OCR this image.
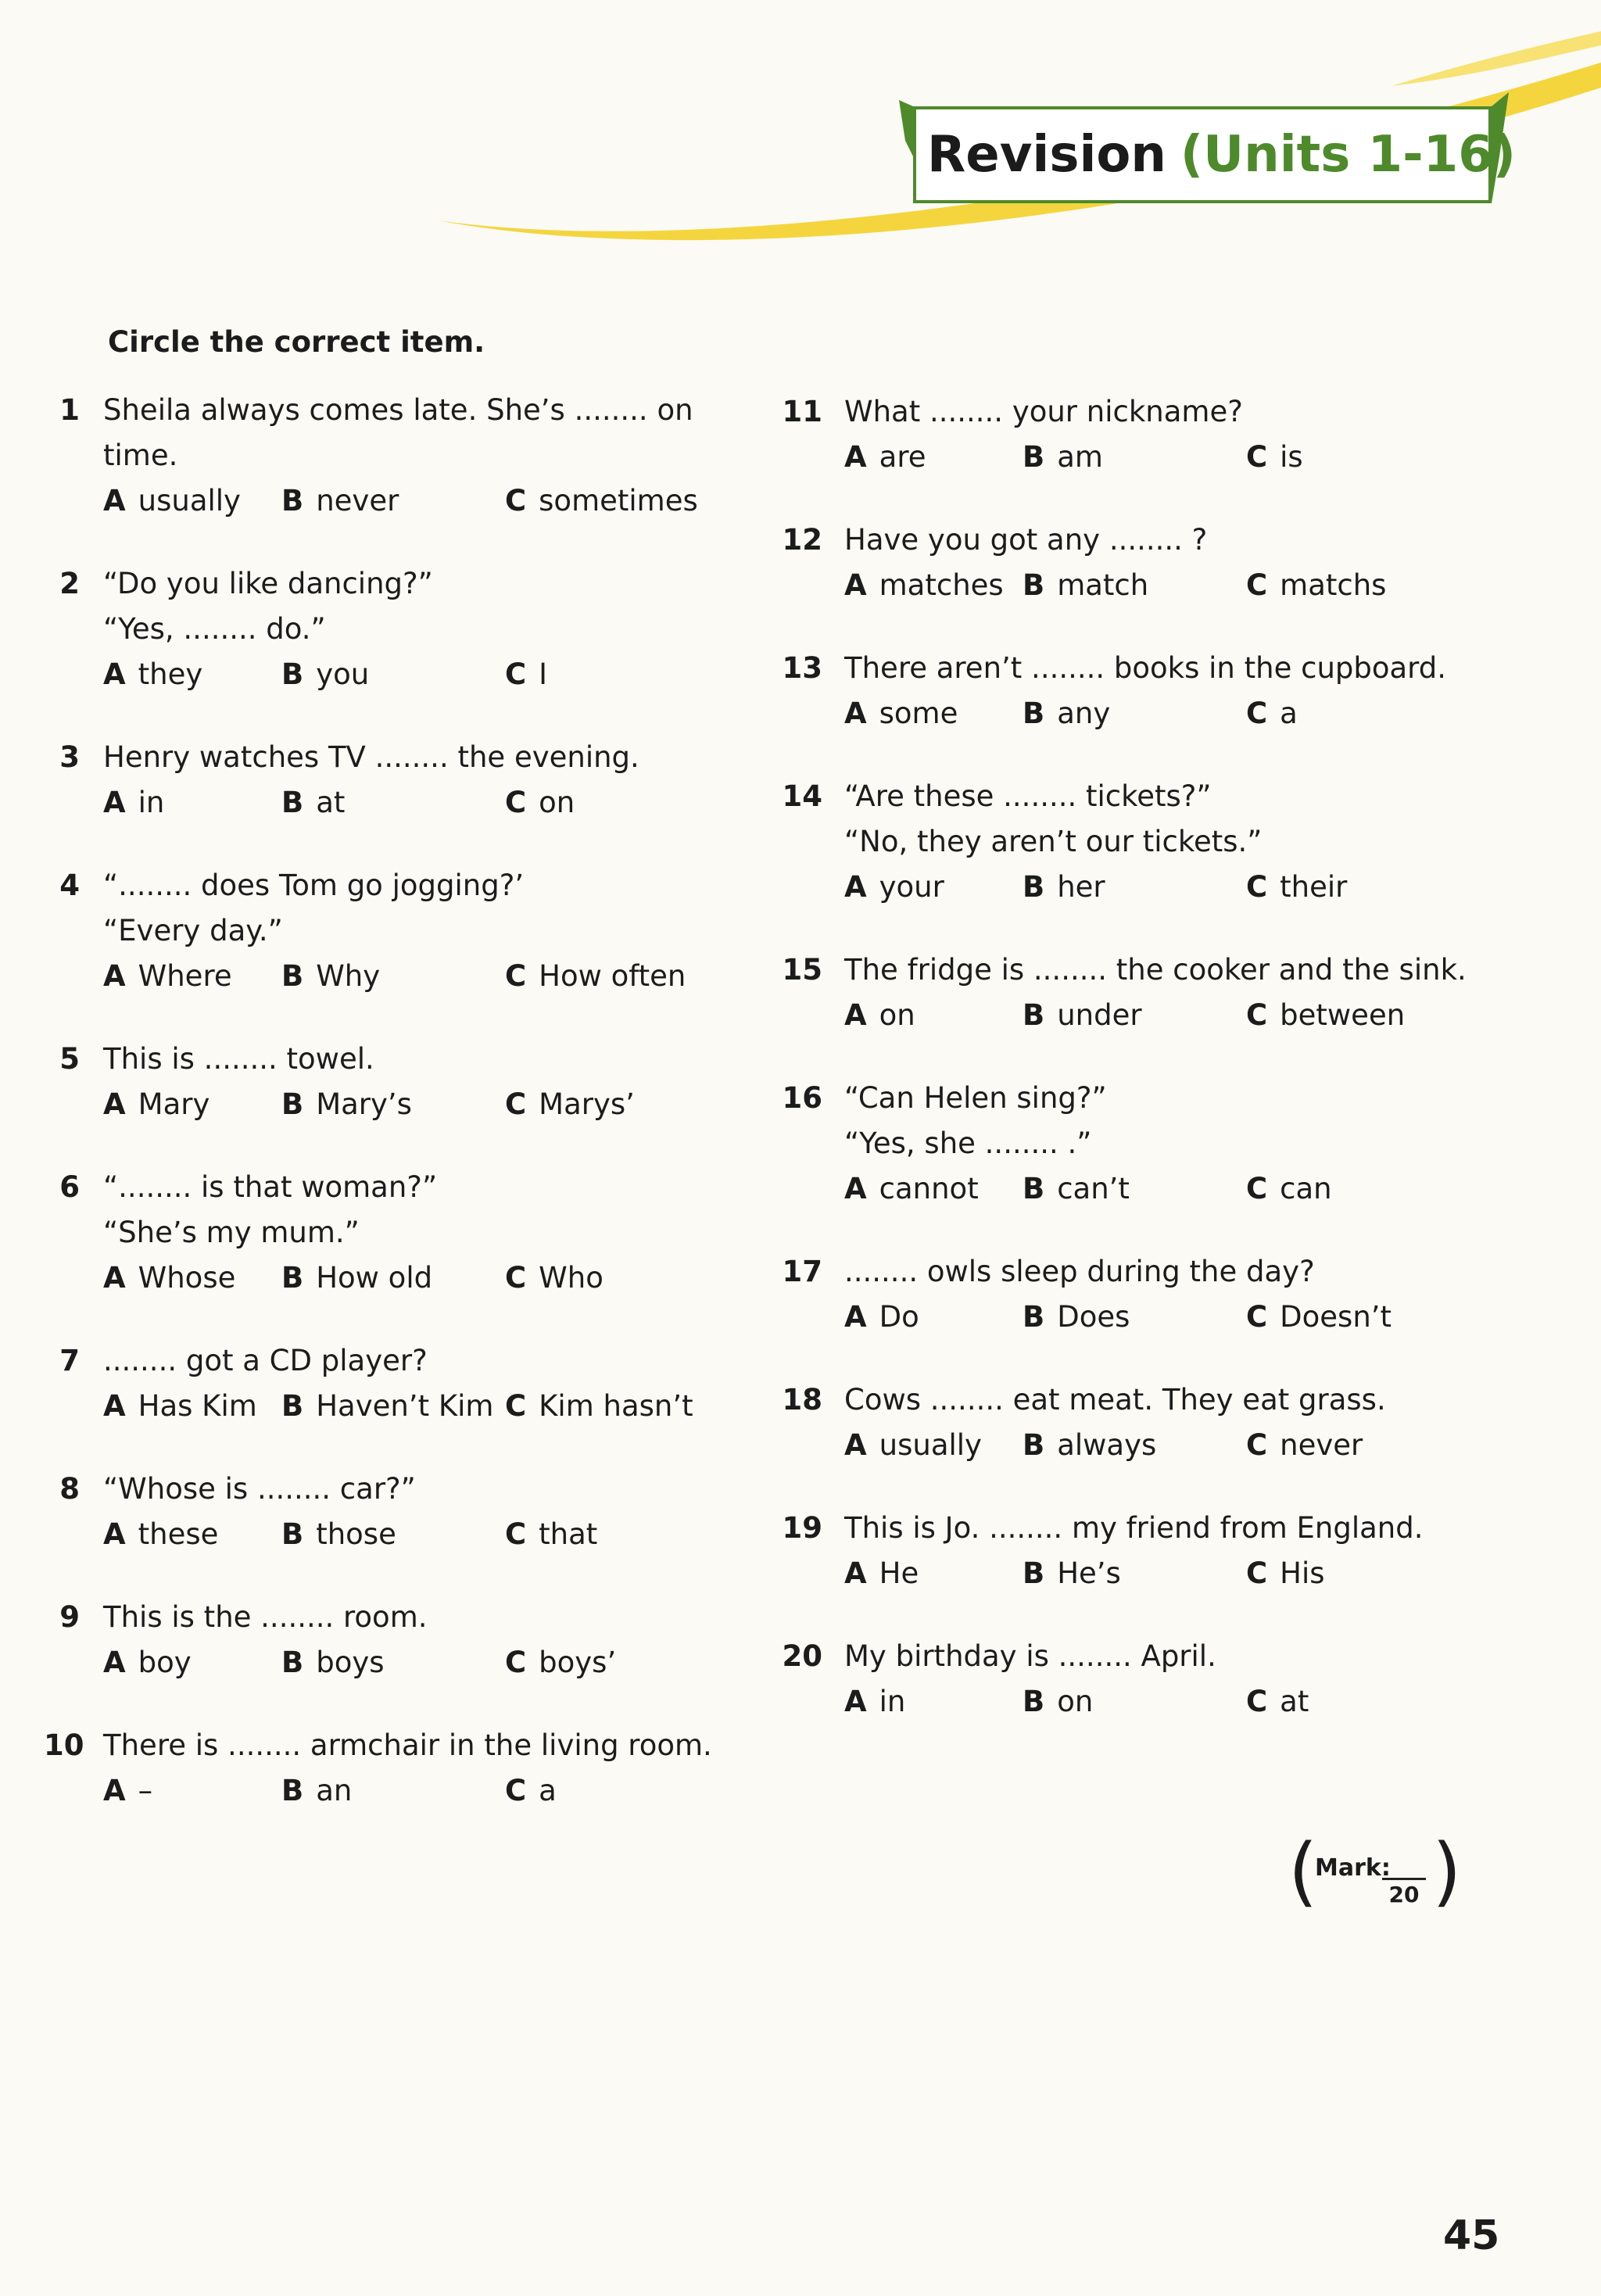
Revision (Units 1-16)
Circle the correct item.
1 Sheila always comes late. She’s ........ on
time.
A usually B never	C sometimes
2 “Do you like dancing?”
“Yes, ........ do.”
A they	B you	C I
3 Henry watches TV ........ the evening.
A in	B at	C on
4 “........ does Tom go jogging?’
“Every day.”
A Where B Why	C How often
5 This is ........ towel.
A Mary B Mary’s	C Marys’
6 “........ is that woman?”
“She’s my mum.”
A Whose B How old	C Who
7 ........ got a CD player?
A Has Kim B Haven’t Kim C Kim hasn’t
8 “Whose is ........ car?”
A these B those	C that
9 This is the ........ room.
A boy	B boys	C boys’
10 There is ........ armchair in the living room.
A –	B an	C a
11 What ........ your nickname?
A are	B am	C is
12 Have you got any ........ ?
A matches B match	C matchs
13 There aren’t ........ books in the cupboard.
A some B any	C a
14 “Are these ........ tickets?”
“No, they aren’t our tickets.”
A your	B her	C their
15 The fridge is ........ the cooker and the sink.
A on	B under	C between
16 “Can Helen sing?”
“Yes, she ........ .”
A cannot B can’t	C can
17 ........ owls sleep during the day?
A Do	B Does	C Doesn’t
18 Cows ........ eat meat. They eat grass.
A usually B always	C never
19 This is Jo. ........ my friend from England.
A He	B He’s	C His
20 My birthday is ........ April.
A in	B on	C at
(
Mark:
20 )
45
